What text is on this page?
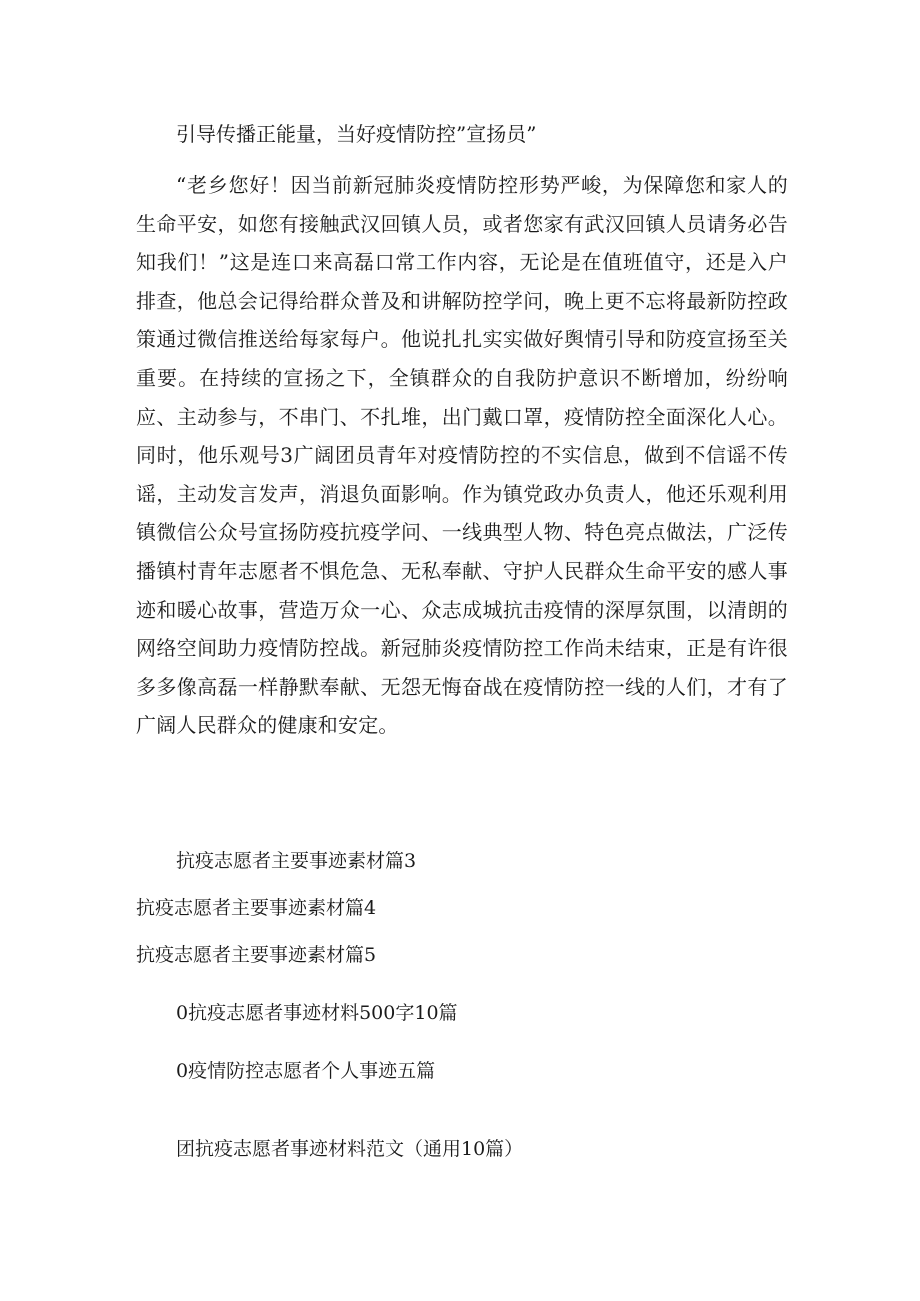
引导传播正能量，当好疫情防控”宣扬员”
“老乡您好！因当前新冠肺炎疫情防控形势严峻，为保障您和家人的生命平安，如您有接触武汉回镇人员，或者您家有武汉回镇人员请务必告知我们！”这是连口来高磊口常工作内容，无论是在值班值守，还是入户排查，他总会记得给群众普及和讲解防控学问，晚上更不忘将最新防控政策通过微信推送给每家每户。他说扎扎实实做好舆情引导和防疫宣扬至关重要。在持续的宣扬之下，全镇群众的自我防护意识不断增加，纷纷响应、主动参与，不串门、不扎堆，出门戴口罩，疫情防控全面深化人心。同时，他乐观号3广阔团员青年对疫情防控的不实信息，做到不信谣不传谣，主动发言发声，消退负面影响。作为镇党政办负责人，他还乐观利用镇微信公众号宣扬防疫抗疫学问、一线典型人物、特色亮点做法，广泛传播镇村青年志愿者不惧危急、无私奉献、守护人民群众生命平安的感人事迹和暖心故事，营造万众一心、众志成城抗击疫情的深厚氛围，以清朗的网络空间助力疫情防控战。新冠肺炎疫情防控工作尚未结束，正是有许很多多像高磊一样静默奉献、无怨无悔奋战在疫情防控一线的人们，才有了广阔人民群众的健康和安定。
抗疫志愿者主要事迹素材篇3
抗疫志愿者主要事迹素材篇4
抗疫志愿者主要事迹素材篇5
0抗疫志愿者事迹材料500字10篇
0疫情防控志愿者个人事迹五篇
团抗疫志愿者事迹材料范文（通用10篇）
